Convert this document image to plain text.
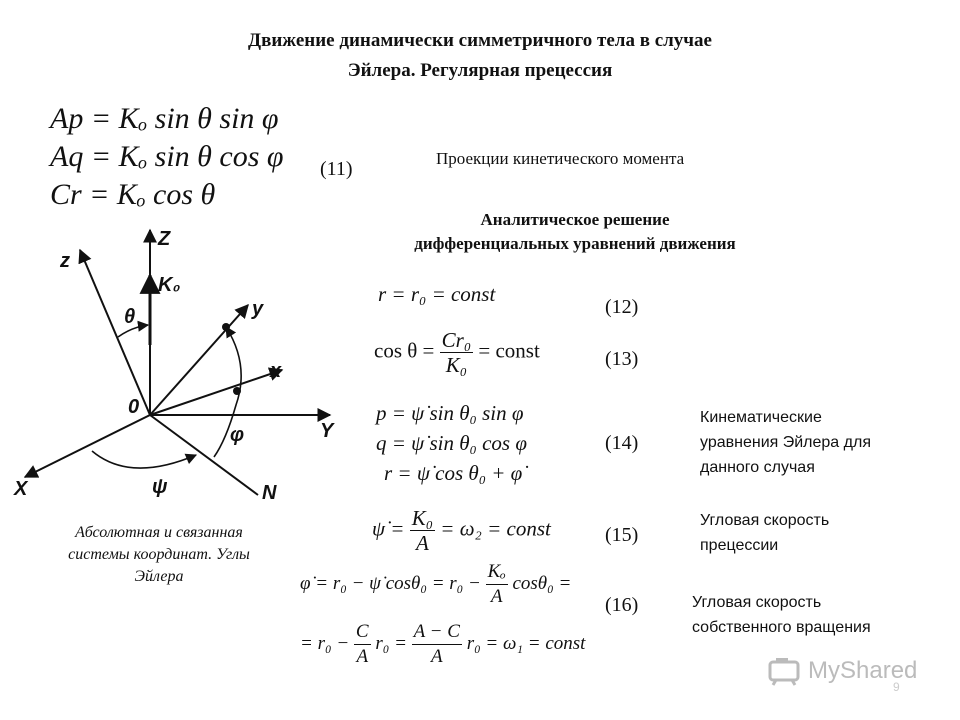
Движение динамически симметричного тела в случае
Эйлера. Регулярная прецессия
Ap = Kₒ sin θ sin φ
Aq = Kₒ sin θ cos φ
Cr = Kₒ cos θ
(11)	Проекции кинетического момента
Аналитическое решение
дифференциальных уравнений движения
r = r₀ = const
(12)
$\cos \theta = \frac{\text{Cr₀}}{\text{K₀}}$ = const	(13)
p = ψ̇ sin θ₀ sin φ
q = ψ̇ sin θ₀ cos φ
r = ψ̇ cos θ₀ + φ̇
(14)
Кинематические
уравнения Эйлера для
данного случая
ψ̇ = $\frac{\text{K₀}}{A} = \omega_2$ = const	(15)
Угловая скорость
прецессии
φ̇ = r₀ − ψ̇ $\cos\theta_0 = r_0 - \frac{\text{Kₒ}}{A} \cos\theta_0$ =
= $r_0 - \frac{C}{A} r_0 = \frac{A - C}{A} r_0 = \omega_1$ = const
(16)	Угловая скорость
собственного вращения
Z
z
K₀
y
x
Y
X	N
0
θ
φ
ψ
Абсолютная и связанная
системы координат. Углы
Эйлера
MyShared
9
